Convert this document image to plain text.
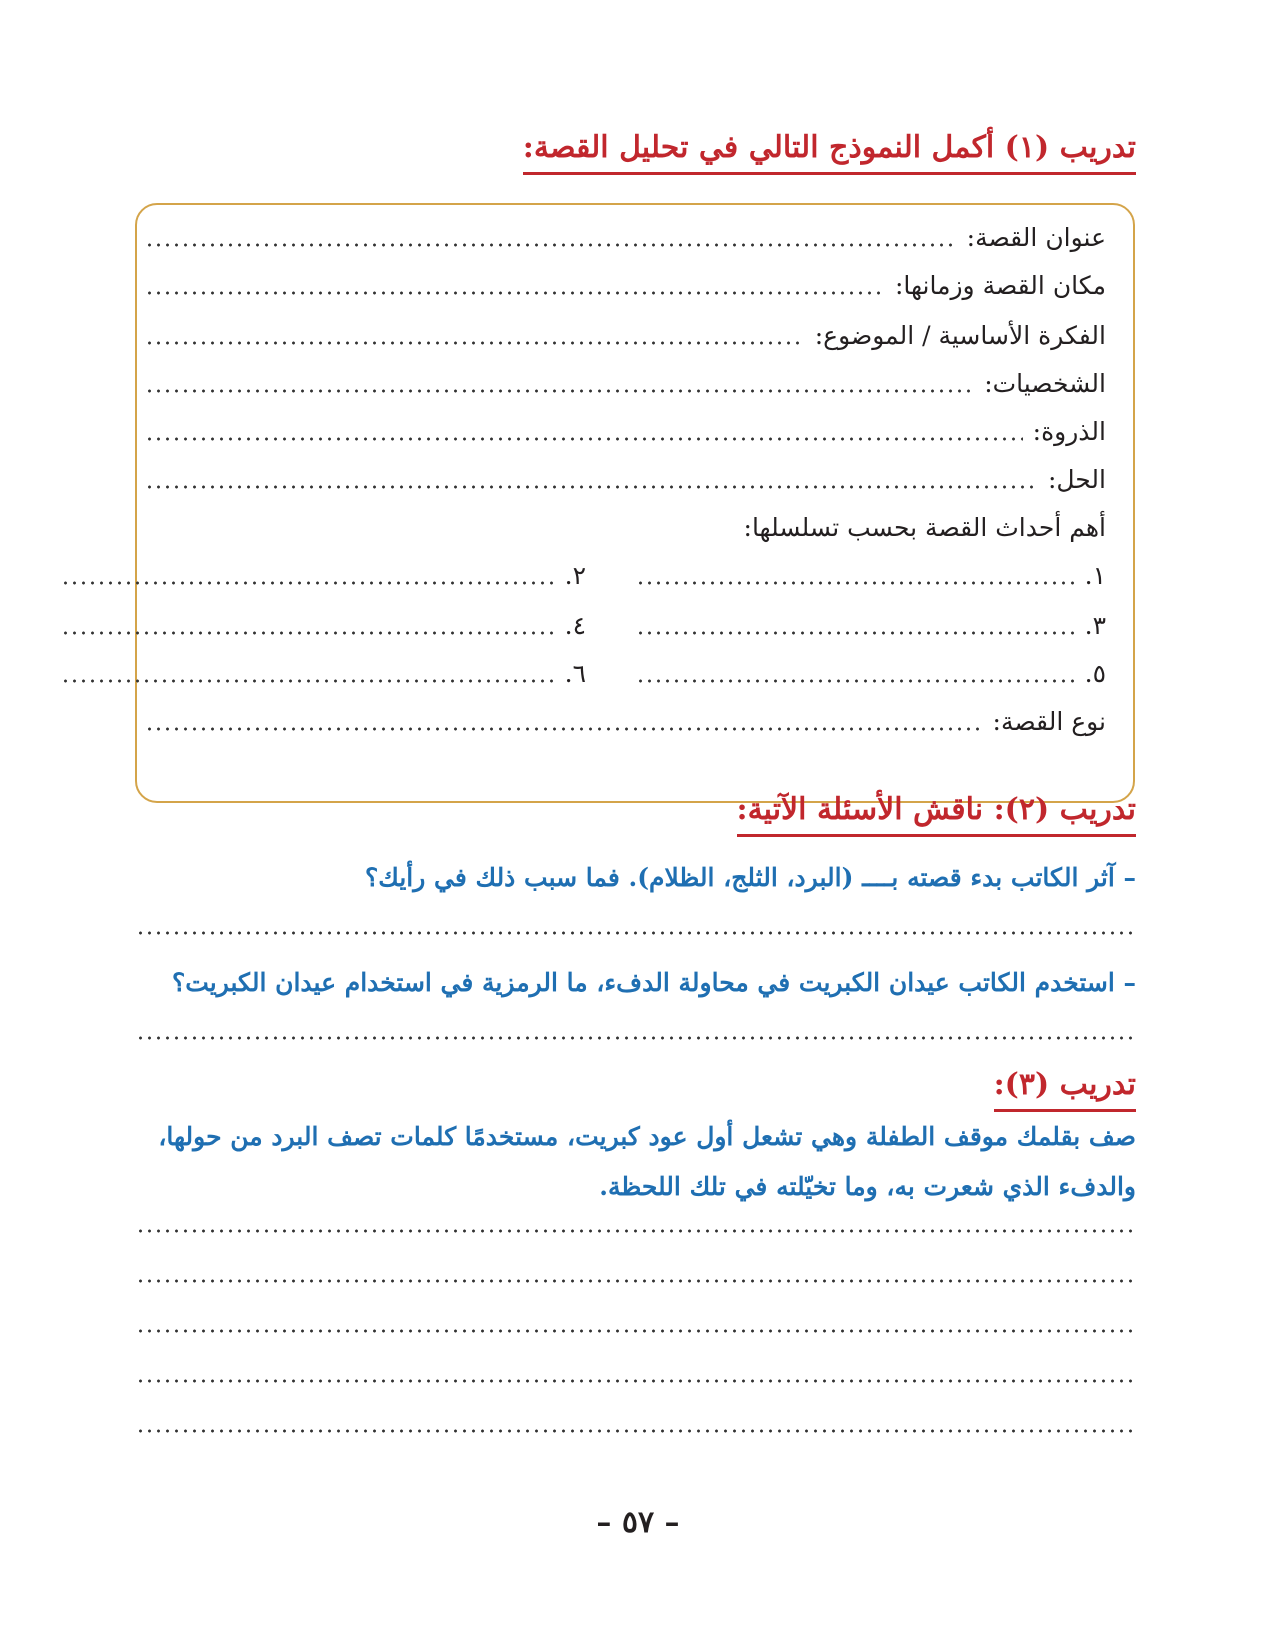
تدريب (١) أكمل النموذج التالي في تحليل القصة:
عنوان القصة:
مكان القصة وزمانها:
الفكرة الأساسية / الموضوع:
الشخصيات:
الذروة:
الحل:
أهم أحداث القصة بحسب تسلسلها:
١.
٢.
٣.
٤.
٥.
٦.
نوع القصة:
تدريب (٢): ناقش الأسئلة الآتية:
– آثر الكاتب بدء قصته بــــ (البرد، الثلج، الظلام). فما سبب ذلك في رأيك؟
– استخدم الكاتب عيدان الكبريت في محاولة الدفء، ما الرمزية في استخدام عيدان الكبريت؟
تدريب (٣):
صف بقلمك موقف الطفلة وهي تشعل أول عود كبريت، مستخدمًا كلمات تصف البرد من حولها، والدفء الذي شعرت به، وما تخيّلته في تلك اللحظة.
– ٥٧ –
